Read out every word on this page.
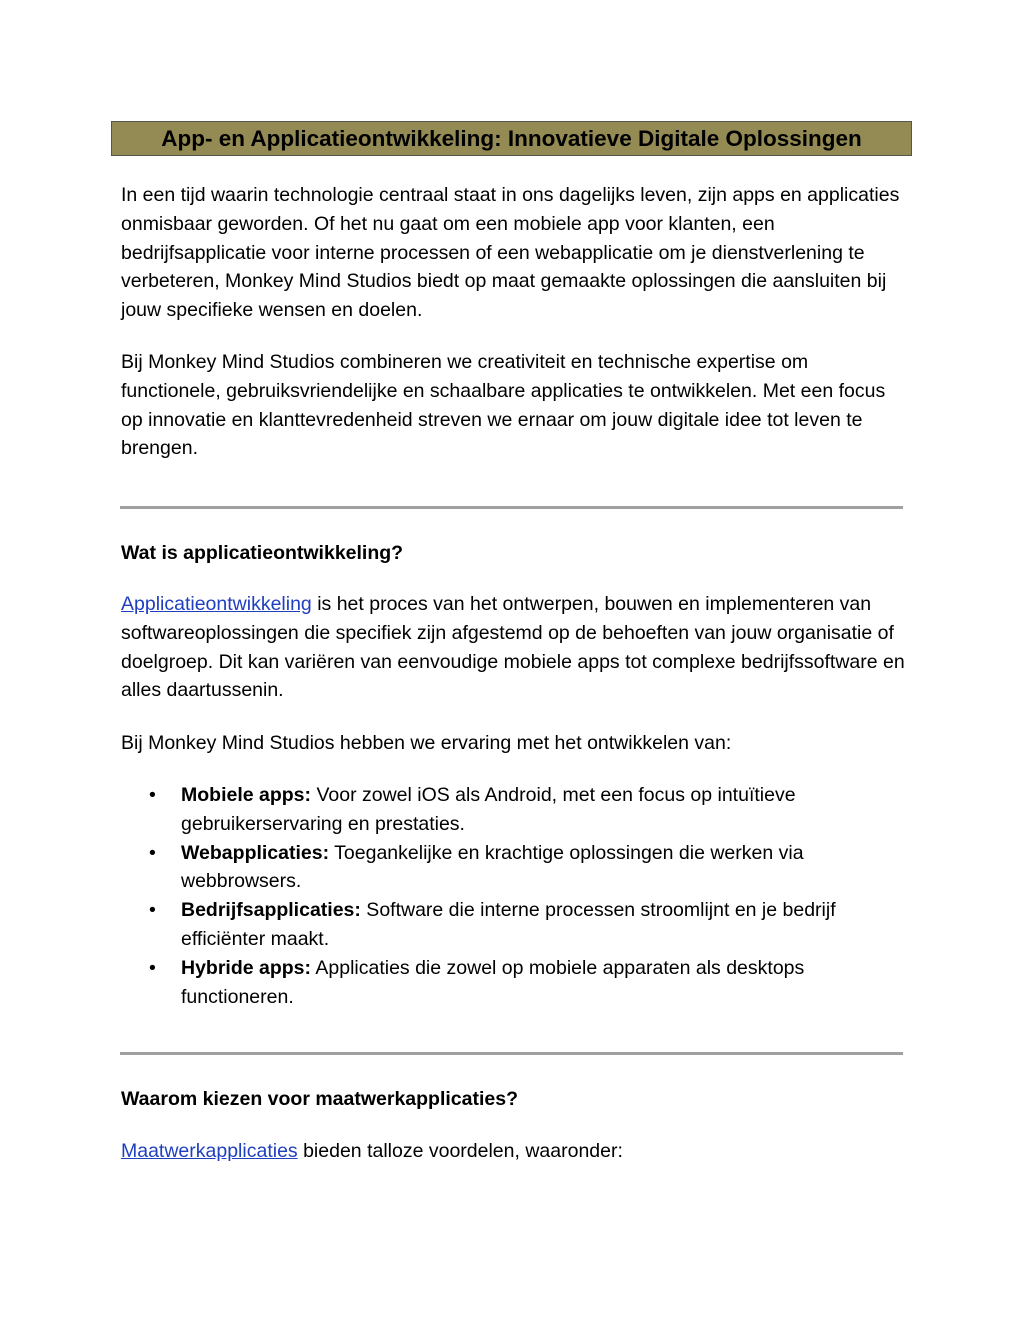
App- en Applicatieontwikkeling: Innovatieve Digitale Oplossingen

In een tijd waarin technologie centraal staat in ons dagelijks leven, zijn apps en applicaties onmisbaar geworden. Of het nu gaat om een mobiele app voor klanten, een bedrijfsapplicatie voor interne processen of een webapplicatie om je dienstverlening te verbeteren, Monkey Mind Studios biedt op maat gemaakte oplossingen die aansluiten bij jouw specifieke wensen en doelen.

Bij Monkey Mind Studios combineren we creativiteit en technische expertise om functionele, gebruiksvriendelijke en schaalbare applicaties te ontwikkelen. Met een focus op innovatie en klanttevredenheid streven we ernaar om jouw digitale idee tot leven te brengen.

Wat is applicatieontwikkeling?

Applicatieontwikkeling is het proces van het ontwerpen, bouwen en implementeren van softwareoplossingen die specifiek zijn afgestemd op de behoeften van jouw organisatie of doelgroep. Dit kan variëren van eenvoudige mobiele apps tot complexe bedrijfssoftware en alles daartussenin.

Bij Monkey Mind Studios hebben we ervaring met het ontwikkelen van:

• Mobiele apps: Voor zowel iOS als Android, met een focus op intuïtieve gebruikerservaring en prestaties.
• Webapplicaties: Toegankelijke en krachtige oplossingen die werken via webbrowsers.
• Bedrijfsapplicaties: Software die interne processen stroomlijnt en je bedrijf efficiënter maakt.
• Hybride apps: Applicaties die zowel op mobiele apparaten als desktops functioneren.
Waarom kiezen voor maatwerkapplicaties?

Maatwerkapplicaties bieden talloze voordelen, waaronder:
